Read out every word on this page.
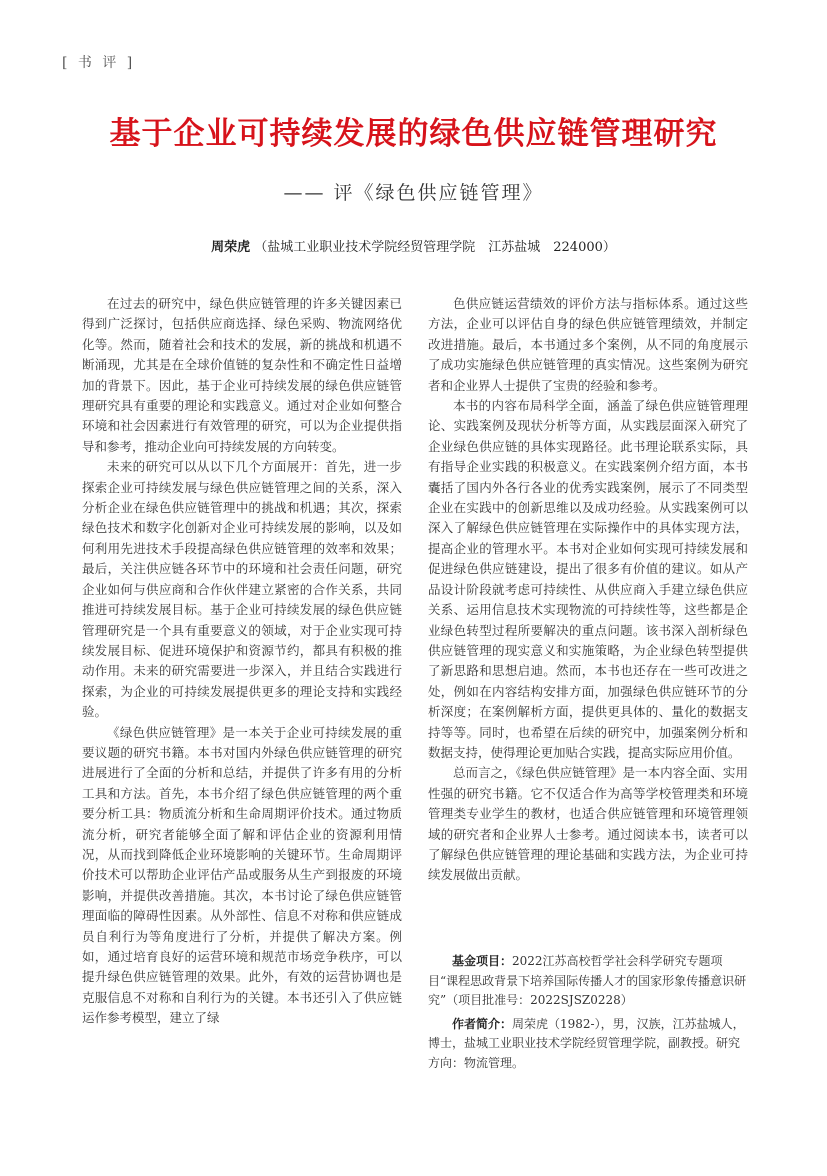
[ 书 评 ]
基于企业可持续发展的绿色供应链管理研究
—— 评《绿色供应链管理》
周荣虎 （盐城工业职业技术学院经贸管理学院　江苏盐城　224000）

在过去的研究中，绿色供应链管理的许多关键因素已得到广泛探讨，包括供应商选择、绿色采购、物流网络优化等。然而，随着社会和技术的发展，新的挑战和机遇不断涌现，尤其是在全球价值链的复杂性和不确定性日益增加的背景下。因此，基于企业可持续发展的绿色供应链管理研究具有重要的理论和实践意义。通过对企业如何整合环境和社会因素进行有效管理的研究，可以为企业提供指导和参考，推动企业向可持续发展的方向转变。

未来的研究可以从以下几个方面展开：首先，进一步探索企业可持续发展与绿色供应链管理之间的关系，深入分析企业在绿色供应链管理中的挑战和机遇；其次，探索绿色技术和数字化创新对企业可持续发展的影响，以及如何利用先进技术手段提高绿色供应链管理的效率和效果；最后，关注供应链各环节中的环境和社会责任问题，研究企业如何与供应商和合作伙伴建立紧密的合作关系，共同推进可持续发展目标。基于企业可持续发展的绿色供应链管理研究是一个具有重要意义的领域，对于企业实现可持续发展目标、促进环境保护和资源节约，都具有积极的推动作用。未来的研究需要进一步深入，并且结合实践进行探索，为企业的可持续发展提供更多的理论支持和实践经验。

《绿色供应链管理》是一本关于企业可持续发展的重要议题的研究书籍。本书对国内外绿色供应链管理的研究进展进行了全面的分析和总结，并提供了许多有用的分析工具和方法。首先，本书介绍了绿色供应链管理的两个重要分析工具：物质流分析和生命周期评价技术。通过物质流分析，研究者能够全面了解和评估企业的资源利用情况，从而找到降低企业环境影响的关键环节。生命周期评价技术可以帮助企业评估产品或服务从生产到报废的环境影响，并提供改善措施。其次，本书讨论了绿色供应链管理面临的障碍性因素。从外部性、信息不对称和供应链成员自利行为等角度进行了分析，并提供了解决方案。例如，通过培育良好的运营环境和规范市场竞争秩序，可以提升绿色供应链管理的效果。此外，有效的运营协调也是克服信息不对称和自利行为的关键。本书还引入了供应链运作参考模型，建立了绿

色供应链运营绩效的评价方法与指标体系。通过这些方法，企业可以评估自身的绿色供应链管理绩效，并制定改进措施。最后，本书通过多个案例，从不同的角度展示了成功实施绿色供应链管理的真实情况。这些案例为研究者和企业界人士提供了宝贵的经验和参考。

本书的内容布局科学全面，涵盖了绿色供应链管理理论、实践案例及现状分析等方面，从实践层面深入研究了企业绿色供应链的具体实现路径。此书理论联系实际，具有指导企业实践的积极意义。在实践案例介绍方面，本书囊括了国内外各行各业的优秀实践案例，展示了不同类型企业在实践中的创新思维以及成功经验。从实践案例可以深入了解绿色供应链管理在实际操作中的具体实现方法，提高企业的管理水平。本书对企业如何实现可持续发展和促进绿色供应链建设，提出了很多有价值的建议。如从产品设计阶段就考虑可持续性、从供应商入手建立绿色供应关系、运用信息技术实现物流的可持续性等，这些都是企业绿色转型过程所要解决的重点问题。该书深入剖析绿色供应链管理的现实意义和实施策略，为企业绿色转型提供了新思路和思想启迪。然而，本书也还存在一些可改进之处，例如在内容结构安排方面，加强绿色供应链环节的分析深度；在案例解析方面，提供更具体的、量化的数据支持等等。同时，也希望在后续的研究中，加强案例分析和数据支持，使得理论更加贴合实践，提高实际应用价值。

总而言之，《绿色供应链管理》是一本内容全面、实用性强的研究书籍。它不仅适合作为高等学校管理类和环境管理类专业学生的教材，也适合供应链管理和环境管理领域的研究者和企业界人士参考。通过阅读本书，读者可以了解绿色供应链管理的理论基础和实践方法，为企业可持续发展做出贡献。

基金项目：2022江苏高校哲学社会科学研究专题项目“课程思政背景下培养国际传播人才的国家形象传播意识研究”（项目批准号：2022SJSZ0228）

作者简介：周荣虎（1982-），男，汉族，江苏盐城人，博士，盐城工业职业技术学院经贸管理学院，副教授。研究方向：物流管理。
